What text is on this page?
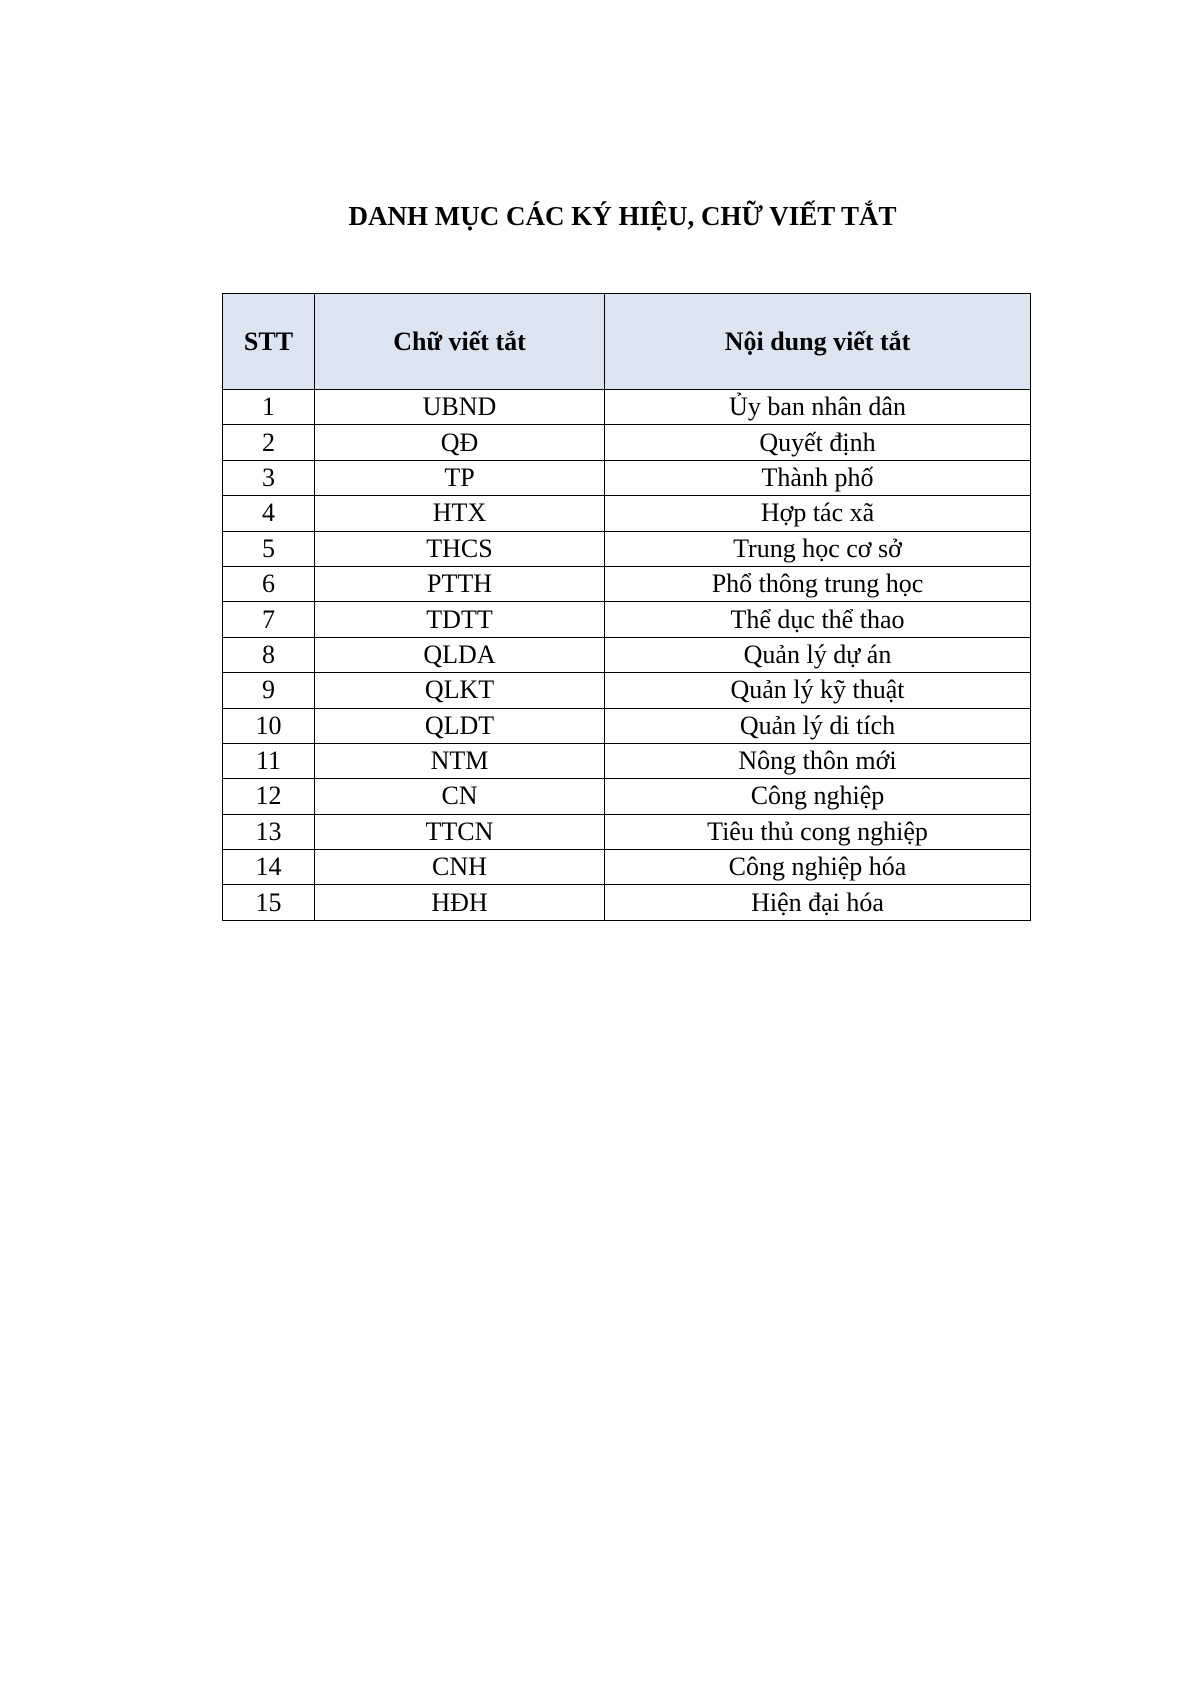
DANH MỤC CÁC KÝ HIỆU, CHỮ VIẾT TẮT
STT	Chữ viết tắt	Nội dung viết tắt
1	UBND	Ủy ban nhân dân
2	QĐ	Quyết định
3	TP	Thành phố
4	HTX	Hợp tác xã
5	THCS	Trung học cơ sở
6	PTTH	Phổ thông trung học
7	TDTT	Thể dục thể thao
8	QLDA	Quản lý dự án
9	QLKT	Quản lý kỹ thuật
10	QLDT	Quản lý di tích
11	NTM	Nông thôn mới
12	CN	Công nghiệp
13	TTCN	Tiêu thủ cong nghiệp
14	CNH	Công nghiệp hóa
15	HĐH	Hiện đại hóa
